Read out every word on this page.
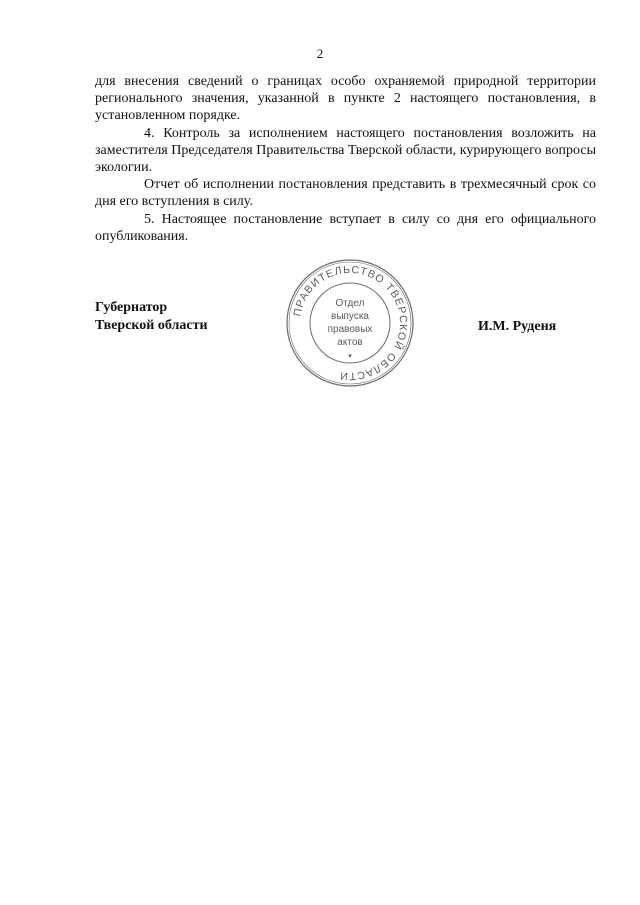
2

для внесения сведений о границах особо охраняемой природной территории регионального значения, указанной в пункте 2 настоящего постановления, в установленном порядке.

4. Контроль за исполнением настоящего постановления возложить на заместителя Председателя Правительства Тверской области, курирующего вопросы экологии.

Отчет об исполнении постановления представить в трехмесячный срок со дня его вступления в силу.

5. Настоящее постановление вступает в силу со дня его официального опубликования.

Губернатор
Тверской области	И.М. Руденя
ПРАВИТЕЛЬСТВО ТВЕРСКОЙ ОБЛАСТИ
Отдел
выпуска
правовых
актов
▾
